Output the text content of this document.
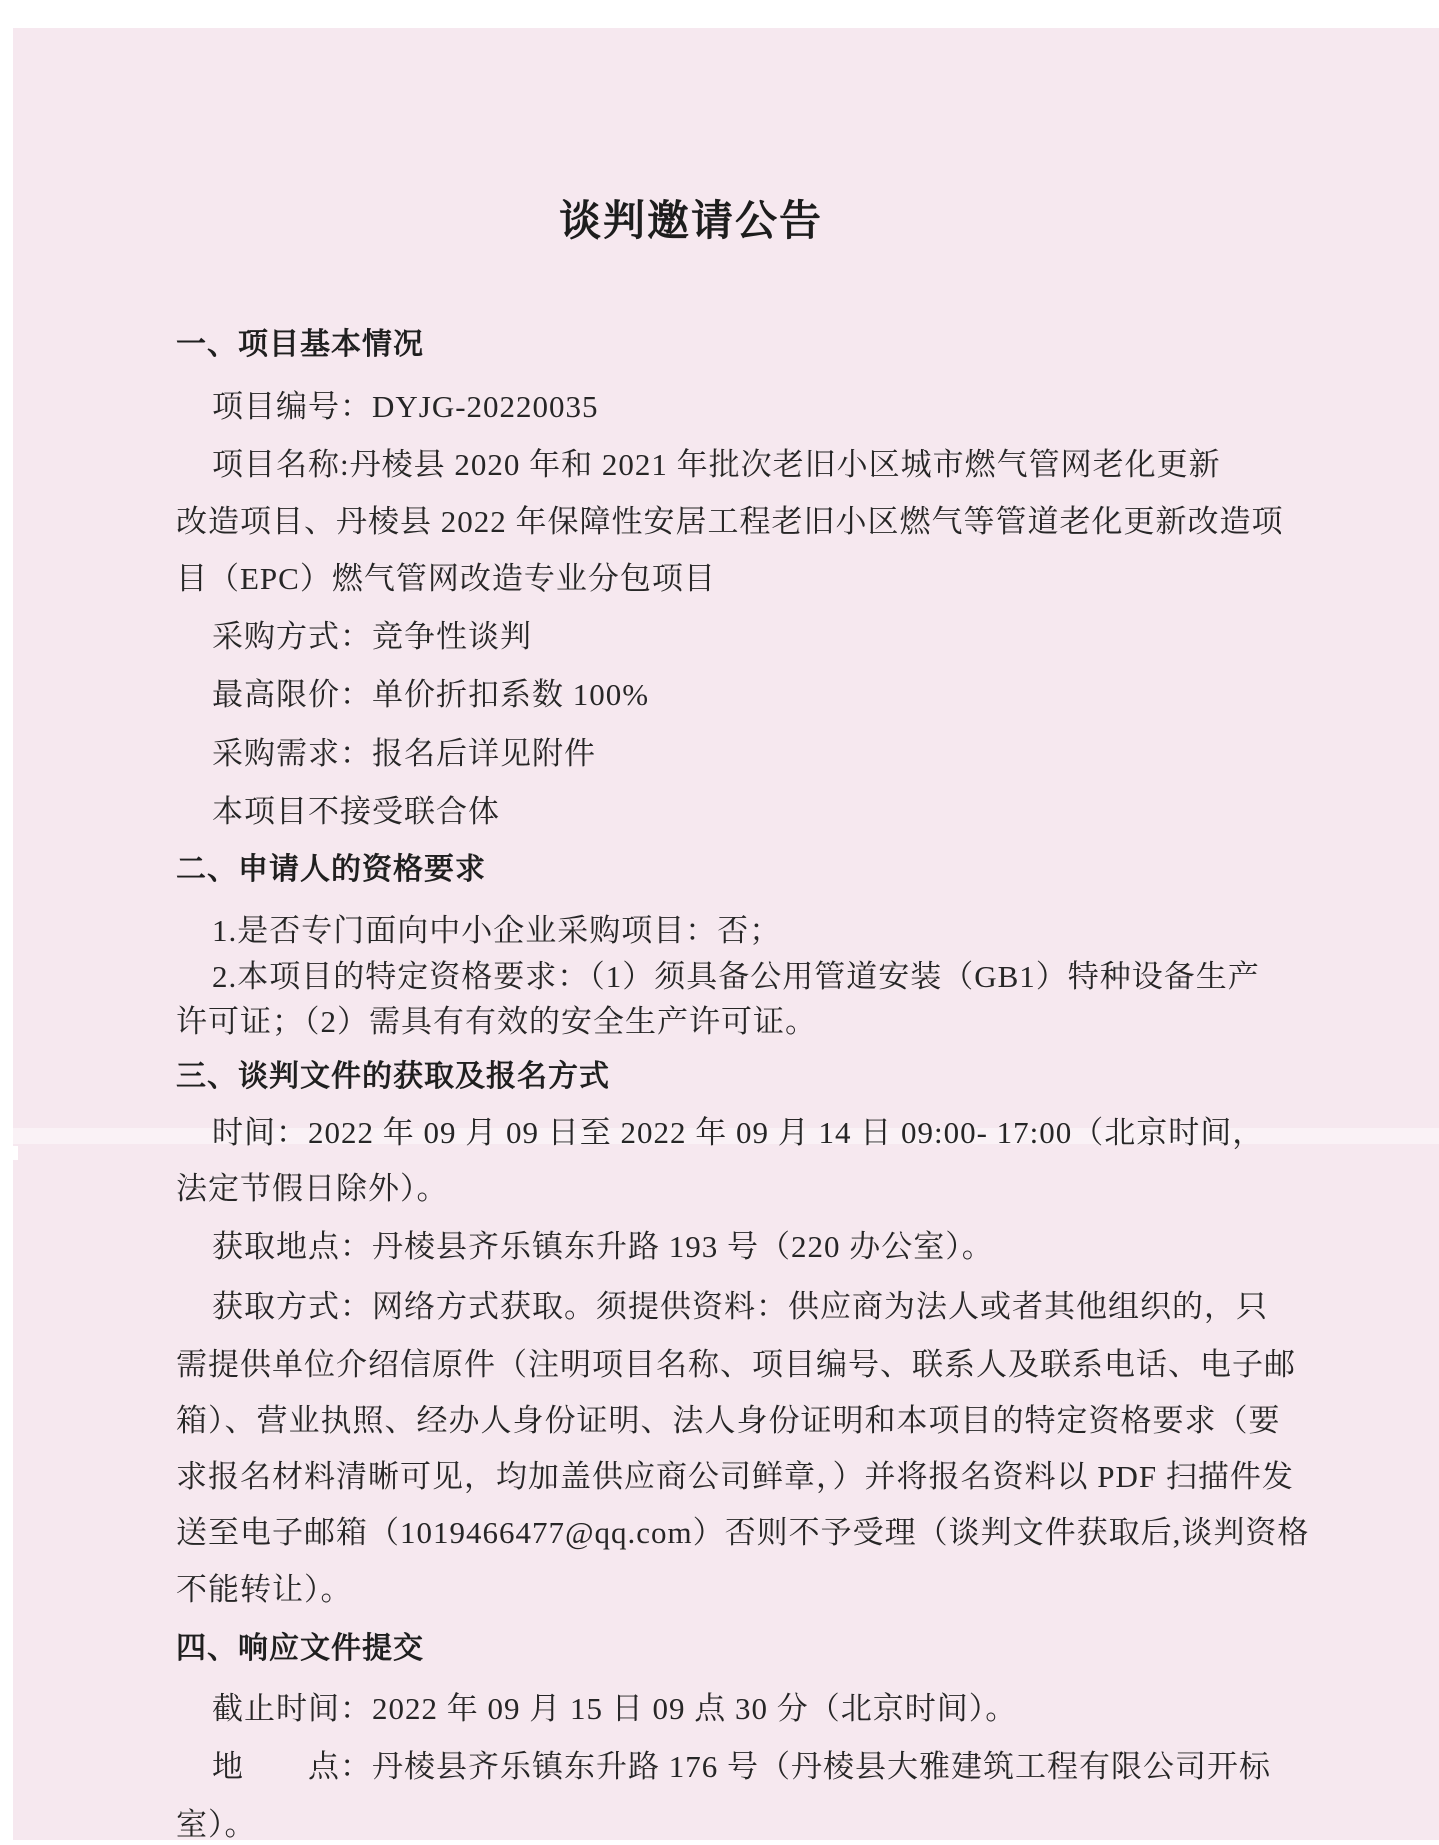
谈判邀请公告
一、项目基本情况
项目编号：DYJG-20220035
项目名称:丹棱县 2020 年和 2021 年批次老旧小区城市燃气管网老化更新
改造项目、丹棱县 2022 年保障性安居工程老旧小区燃气等管道老化更新改造项
目（EPC）燃气管网改造专业分包项目
采购方式：竞争性谈判
最高限价：单价折扣系数 100%
采购需求：报名后详见附件
本项目不接受联合体
二、申请人的资格要求
1.是否专门面向中小企业采购项目：否；
2.本项目的特定资格要求：（1）须具备公用管道安装（GB1）特种设备生产
许可证；（2）需具有有效的安全生产许可证。
三、谈判文件的获取及报名方式
时间：2022 年 09 月 09 日至 2022 年 09 月 14 日 09:00- 17:00（北京时间，
法定节假日除外）。
获取地点：丹棱县齐乐镇东升路 193 号（220 办公室）。
获取方式：网络方式获取。须提供资料：供应商为法人或者其他组织的，只
需提供单位介绍信原件（注明项目名称、项目编号、联系人及联系电话、电子邮
箱）、营业执照、经办人身份证明、法人身份证明和本项目的特定资格要求（要
求报名材料清晰可见，均加盖供应商公司鲜章，）并将报名资料以 PDF 扫描件发
送至电子邮箱（1019466477@qq.com）否则不予受理（谈判文件获取后,谈判资格
不能转让）。
四、响应文件提交
截止时间：2022 年 09 月 15 日 09 点 30 分（北京时间）。
地　　点：丹棱县齐乐镇东升路 176 号（丹棱县大雅建筑工程有限公司开标
室）。
